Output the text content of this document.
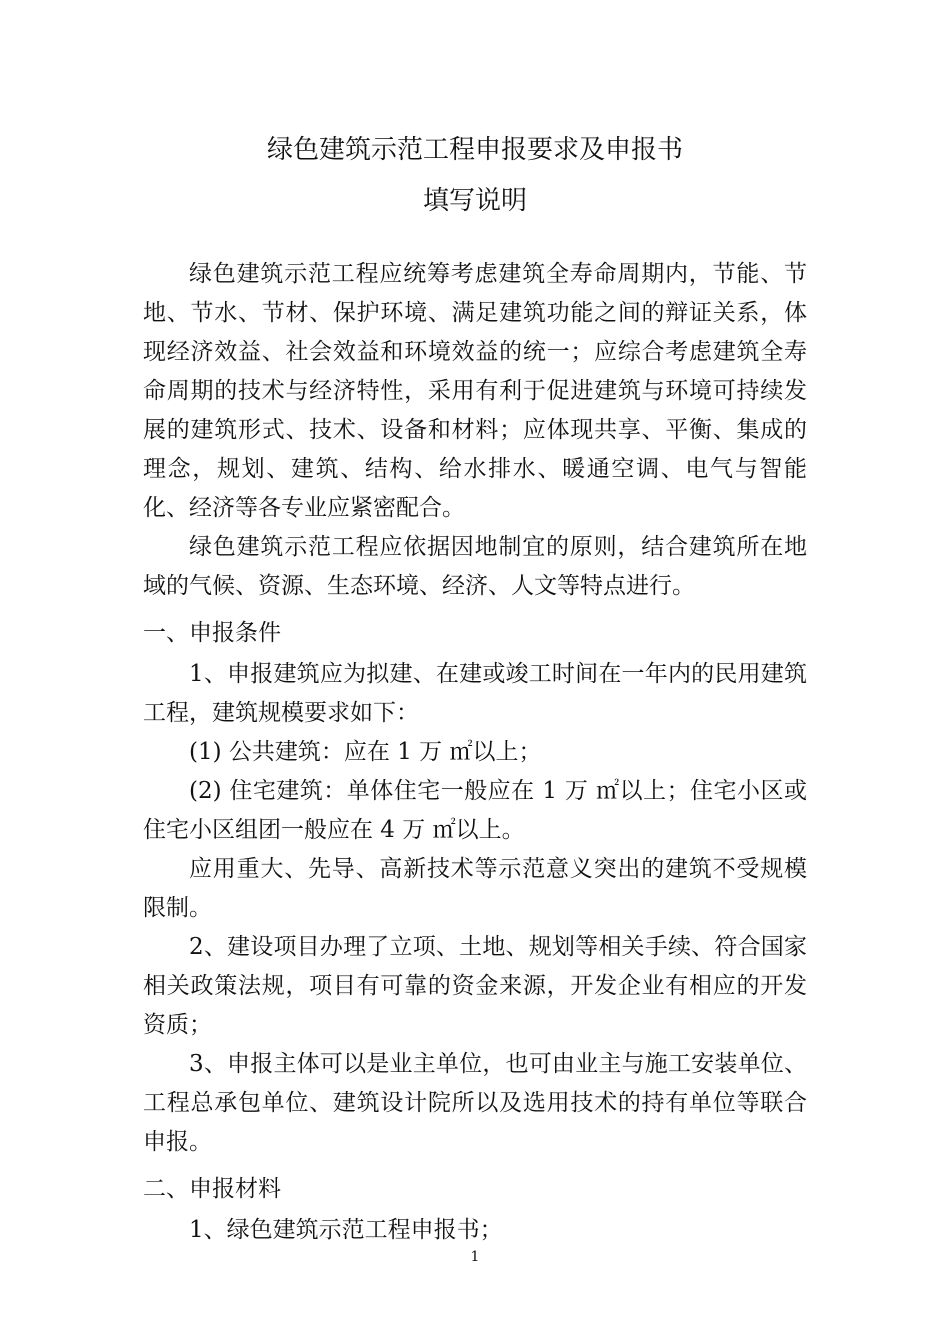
绿色建筑示范工程申报要求及申报书
填写说明

绿色建筑示范工程应统筹考虑建筑全寿命周期内，节能、节地、节水、节材、保护环境、满足建筑功能之间的辩证关系，体现经济效益、社会效益和环境效益的统一；应综合考虑建筑全寿命周期的技术与经济特性，采用有利于促进建筑与环境可持续发展的建筑形式、技术、设备和材料；应体现共享、平衡、集成的理念，规划、建筑、结构、给水排水、暖通空调、电气与智能化、经济等各专业应紧密配合。

绿色建筑示范工程应依据因地制宜的原则，结合建筑所在地域的气候、资源、生态环境、经济、人文等特点进行。

一、申报条件

1、申报建筑应为拟建、在建或竣工时间在一年内的民用建筑工程，建筑规模要求如下：

(1) 公共建筑：应在 1 万 ㎡以上；

(2) 住宅建筑：单体住宅一般应在 1 万 ㎡以上；住宅小区或住宅小区组团一般应在 4 万 ㎡以上。

应用重大、先导、高新技术等示范意义突出的建筑不受规模限制。

2、建设项目办理了立项、土地、规划等相关手续、符合国家相关政策法规，项目有可靠的资金来源，开发企业有相应的开发资质；

3、申报主体可以是业主单位，也可由业主与施工安装单位、工程总承包单位、建筑设计院所以及选用技术的持有单位等联合申报。

二、申报材料

1、绿色建筑示范工程申报书；

1
